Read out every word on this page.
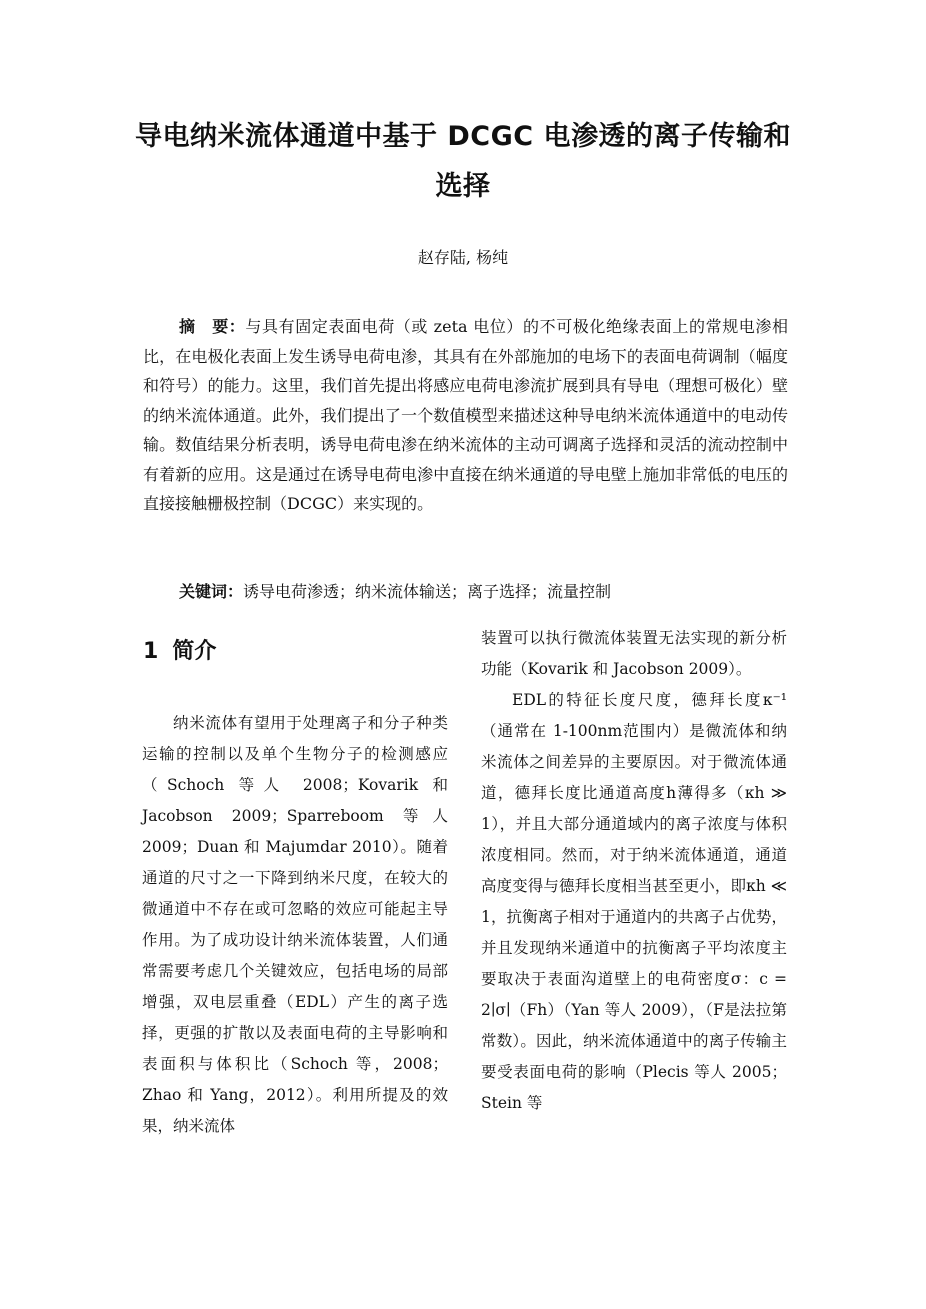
导电纳米流体通道中基于 DCGC 电渗透的离子传输和
选择
赵存陆, 杨纯

摘　要：与具有固定表面电荷（或 zeta 电位）的不可极化绝缘表面上的常规电渗相比，在电极化表面上发生诱导电荷电渗，其具有在外部施加的电场下的表面电荷调制（幅度和符号）的能力。这里，我们首先提出将感应电荷电渗流扩展到具有导电（理想可极化）壁的纳米流体通道。此外，我们提出了一个数值模型来描述这种导电纳米流体通道中的电动传输。数值结果分析表明，诱导电荷电渗在纳米流体的主动可调离子选择和灵活的流动控制中有着新的应用。这是通过在诱导电荷电渗中直接在纳米通道的导电壁上施加非常低的电压的直接接触栅极控制（DCGC）来实现的。

关键词：诱导电荷渗透；纳米流体输送；离子选择；流量控制
1 简介

纳米流体有望用于处理离子和分子种类运输的控制以及单个生物分子的检测感应（Schoch 等人 2008；Kovarik 和 Jacobson 2009；Sparreboom 等人 2009；Duan 和 Majumdar 2010）。随着通道的尺寸之一下降到纳米尺度，在较大的微通道中不存在或可忽略的效应可能起主导作用。为了成功设计纳米流体装置，人们通常需要考虑几个关键效应，包括电场的局部增强，双电层重叠（EDL）产生的离子选择，更强的扩散以及表面电荷的主导影响和表面积与体积比（Schoch 等，2008；Zhao 和 Yang，2012）。利用所提及的效果，纳米流体

装置可以执行微流体装置无法实现的新分析功能（Kovarik 和 Jacobson 2009）。

EDL的特征长度尺度，德拜长度κ⁻¹（通常在 1-100nm范围内）是微流体和纳米流体之间差异的主要原因。对于微流体通道，德拜长度比通道高度h薄得多（κh ≫ 1），并且大部分通道域内的离子浓度与体积浓度相同。然而，对于纳米流体通道，通道高度变得与德拜长度相当甚至更小，即κh ≪ 1，抗衡离子相对于通道内的共离子占优势，并且发现纳米通道中的抗衡离子平均浓度主要取决于表面沟道壁上的电荷密度σ：c = 2∣σ∣（Fh）（Yan 等人 2009），（F是法拉第常数）。因此，纳米流体通道中的离子传输主要受表面电荷的影响（Plecis 等人 2005；Stein 等
